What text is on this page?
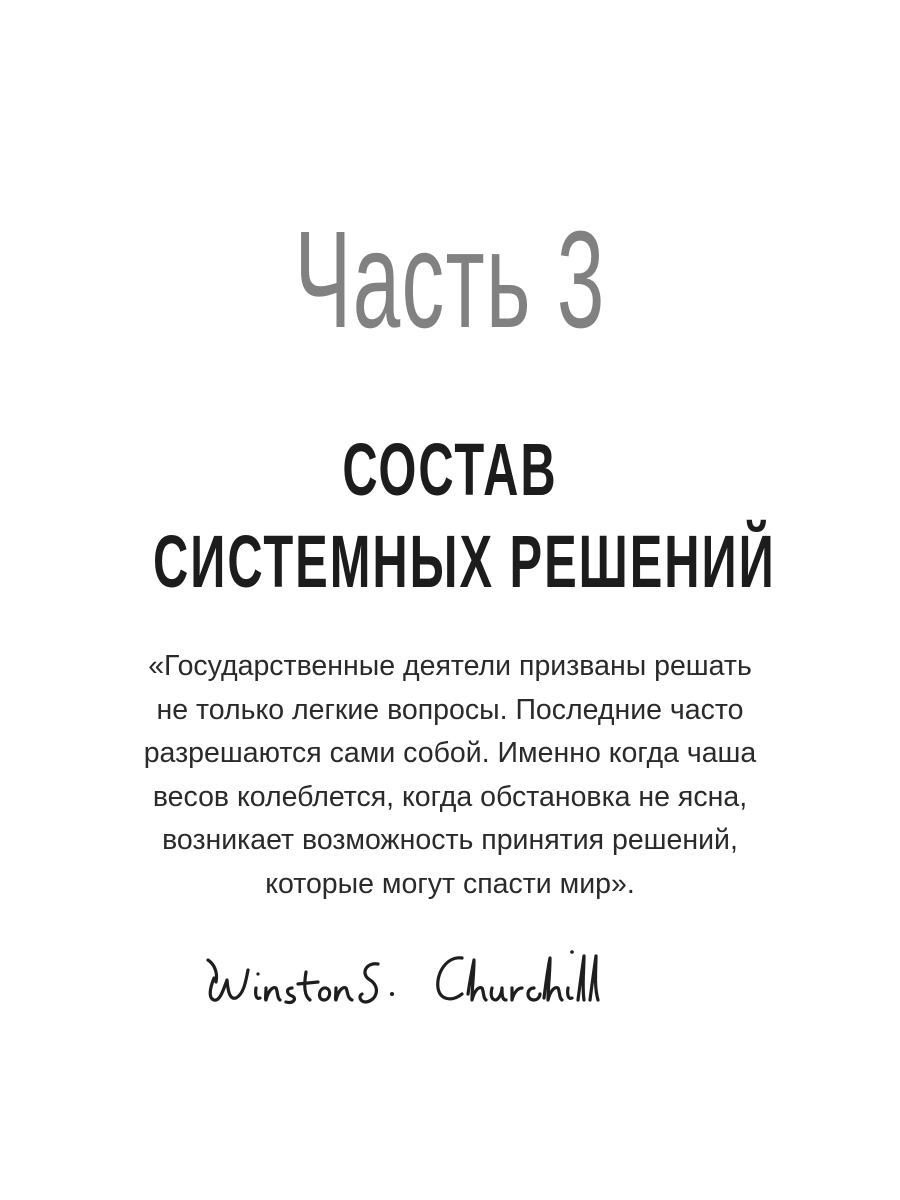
Часть 3
СОСТАВ
СИСТЕМНЫХ РЕШЕНИЙ
«Государственные деятели призваны решать
не только легкие вопросы. Последние часто
разрешаются сами собой. Именно когда чаша
весов колеблется, когда обстановка не ясна,
возникает возможность принятия решений,
которые могут спасти мир».
